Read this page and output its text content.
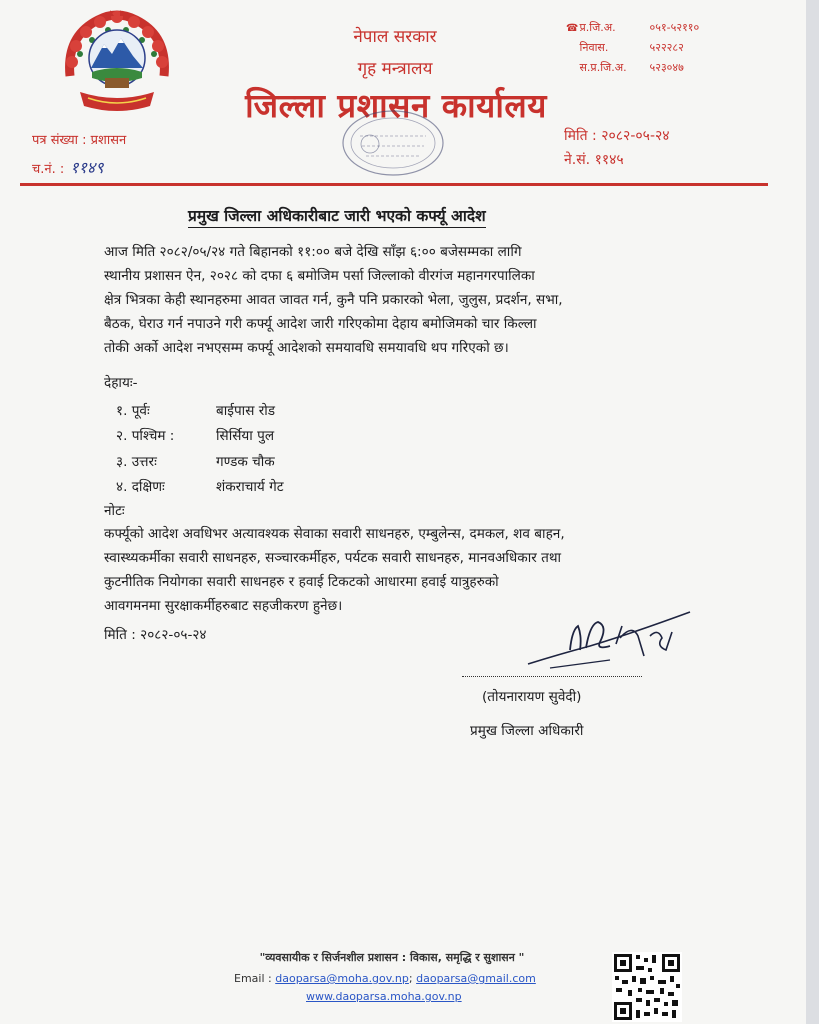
नेपाल सरकार
गृह मन्त्रालय
जिल्ला प्रशासन कार्यालय
☎ प्र.जि.अ.	०५१-५२११०
निवास.	५२२२८२
स.प्र.जि.अ. ५२३०४७
पत्र संख्या : प्रशासन
च.नं. : ११४९
मिति : २०८२-०५-२४
ने.सं. ११४५
प्रमुख जिल्ला अधिकारीबाट जारी भएको कर्फ्यू आदेश
आज मिति २०८२/०५/२४ गते बिहानको ११:०० बजे देखि साँझ ६:०० बजेसम्मका लागि
स्थानीय प्रशासन ऐन, २०२८ को दफा ६ बमोजिम पर्सा जिल्लाको वीरगंज महानगरपालिका
क्षेत्र भित्रका केही स्थानहरुमा आवत जावत गर्न, कुनै पनि प्रकारको भेला, जुलुस, प्रदर्शन, सभा,
बैठक, घेराउ गर्न नपाउने गरी कर्फ्यू आदेश जारी गरिएकोमा देहाय बमोजिमको चार किल्ला
तोकी अर्को आदेश नभएसम्म कर्फ्यू आदेशको समयावधि समयावधि थप गरिएको छ।
देहायः-
१. पूर्वः	बाईपास रोड
२. पश्चिम :	सिर्सिया पुल
३. उत्तरः	गण्डक चौक
४. दक्षिणः	शंकराचार्य गेट
नोटः
कर्फ्यूको आदेश अवधिभर अत्यावश्यक सेवाका सवारी साधनहरु, एम्बुलेन्स, दमकल, शव बाहन,
स्वास्थ्यकर्मीका सवारी साधनहरु, सञ्चारकर्मीहरु, पर्यटक सवारी साधनहरु, मानवअधिकार तथा
कुटनीतिक नियोगका सवारी साधनहरु र हवाई टिकटको आधारमा हवाई यात्रुहरुको
आवगमनमा सुरक्षाकर्मीहरुबाट सहजीकरण हुनेछ।
मिति : २०८२-०५-२४
(तोयनारायण सुवेदी)
प्रमुख जिल्ला अधिकारी
"व्यवसायीक र सिर्जनशील प्रशासन : विकास, समृद्धि र सुशासन "
Email : daoparsa@moha.gov.np; daoparsa@gmail.com
www.daoparsa.moha.gov.np
